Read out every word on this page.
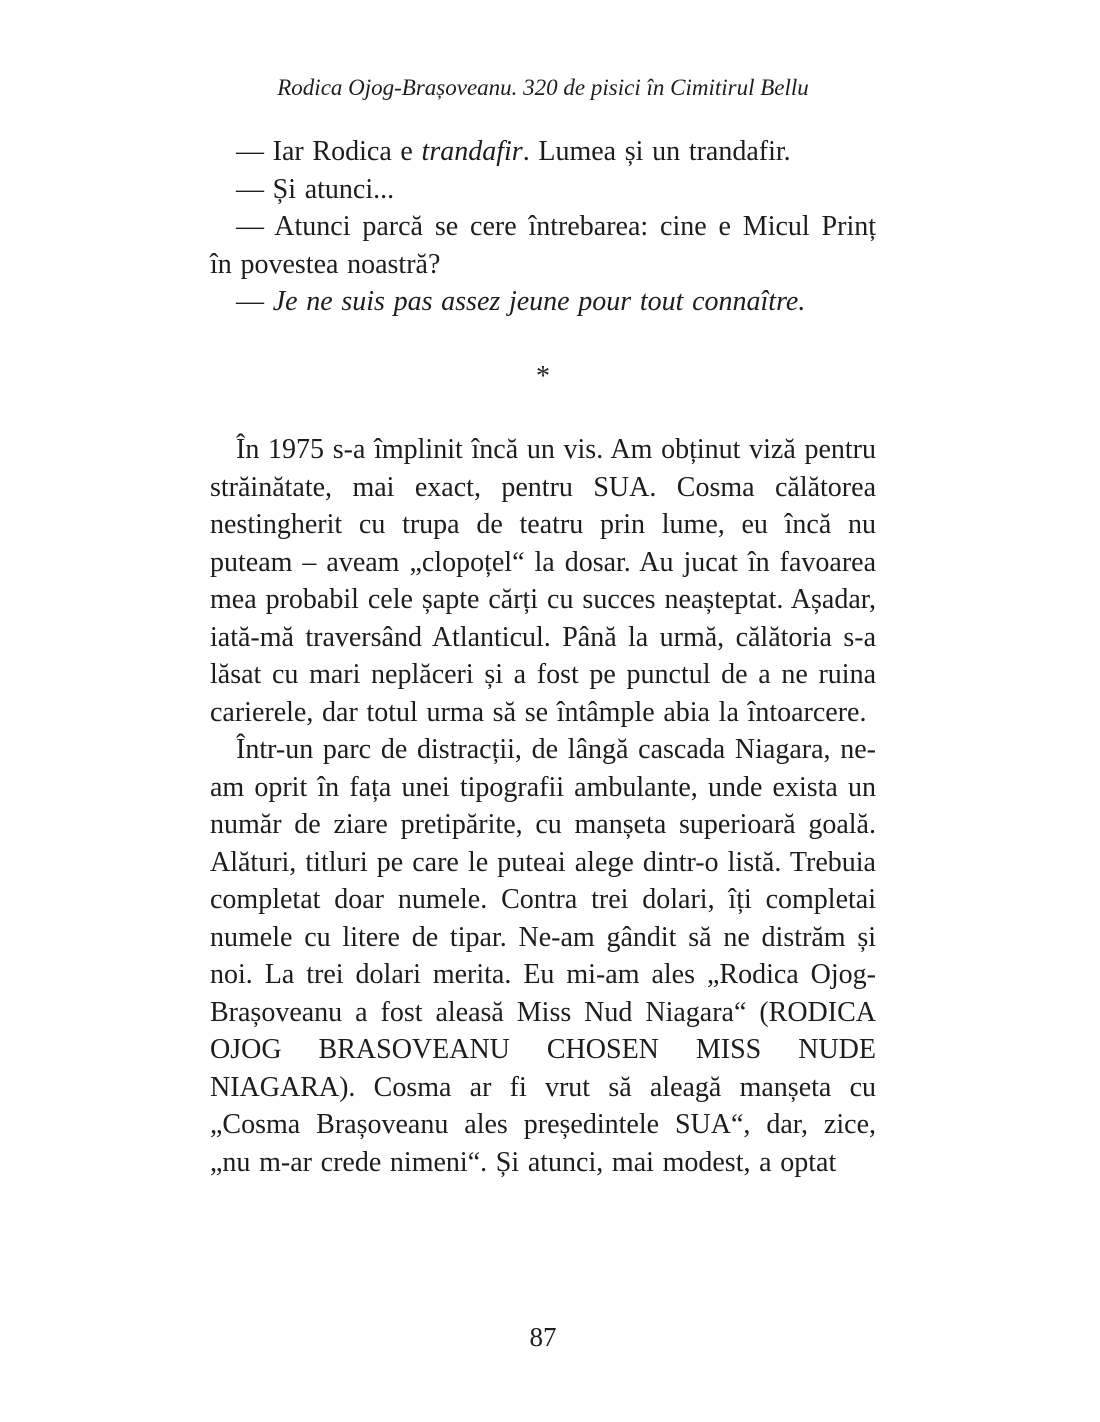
Rodica Ojog-Brașoveanu. 320 de pisici în Cimitirul Bellu

— Iar Rodica e trandafir. Lumea și un trandafir.

— Și atunci...

— Atunci parcă se cere întrebarea: cine e Micul Prinț în povestea noastră?

— Je ne suis pas assez jeune pour tout connaître.

*

În 1975 s-a împlinit încă un vis. Am obținut viză pentru străinătate, mai exact, pentru SUA. Cosma călătorea nestingherit cu trupa de teatru prin lume, eu încă nu puteam – aveam „clopoțel“ la dosar. Au jucat în favoarea mea probabil cele șapte cărți cu succes neașteptat. Așadar, iată-mă traversând Atlanticul. Până la urmă, călătoria s-a lăsat cu mari neplăceri și a fost pe punctul de a ne ruina carierele, dar totul urma să se întâmple abia la întoarcere.

Într-un parc de distracții, de lângă cascada Niagara, ne-am oprit în fața unei tipografii ambulante, unde exista un număr de ziare pretipărite, cu manșeta superioară goală. Alături, titluri pe care le puteai alege dintr-o listă. Trebuia completat doar numele. Contra trei dolari, îți completai numele cu litere de tipar. Ne-am gândit să ne distrăm și noi. La trei dolari merita. Eu mi-am ales „Rodica Ojog-Brașoveanu a fost aleasă Miss Nud Niagara“ (RODICA OJOG BRASOVEANU CHOSEN MISS NUDE NIAGARA). Cosma ar fi vrut să aleagă manșeta cu „Cosma Brașoveanu ales președintele SUA“, dar, zice, „nu m-ar crede nimeni“. Și atunci, mai modest, a optat

87
